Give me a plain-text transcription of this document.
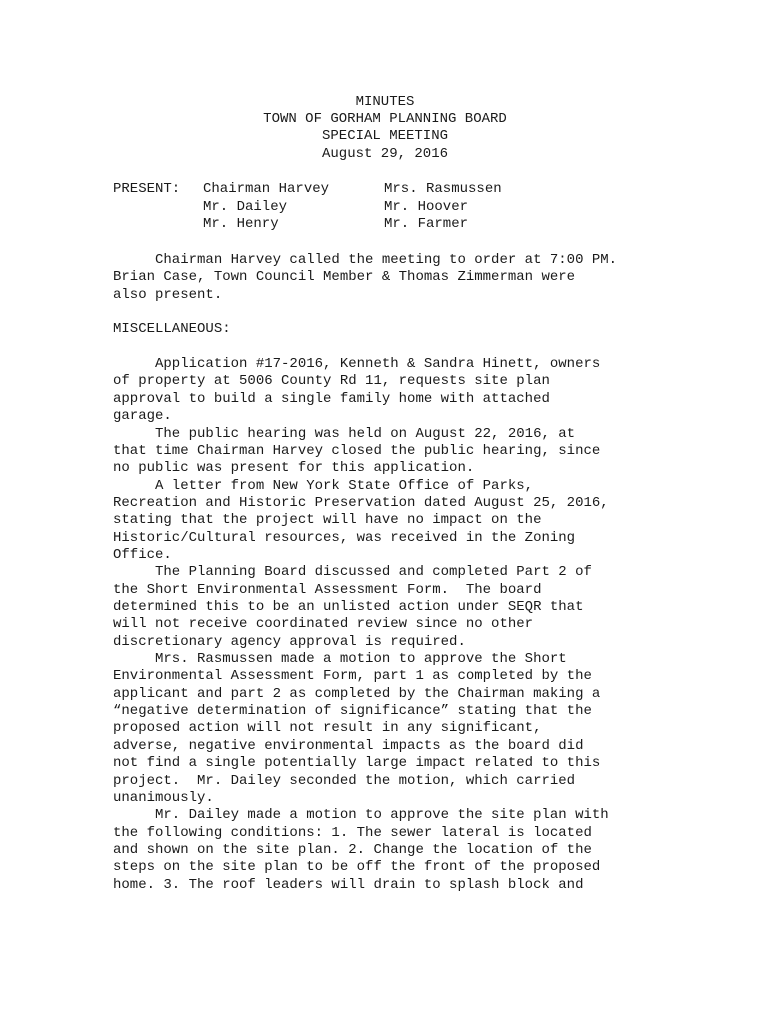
MINUTES
TOWN OF GORHAM PLANNING BOARD
SPECIAL MEETING
August 29, 2016
PRESENT: Chairman Harvey	Mrs. Rasmussen
Mr. Dailey	Mr. Hoover
Mr. Henry	Mr. Farmer
Chairman Harvey called the meeting to order at 7:00 PM.
Brian Case, Town Council Member & Thomas Zimmerman were
also present.
MISCELLANEOUS:
Application #17-2016, Kenneth & Sandra Hinett, owners
of property at 5006 County Rd 11, requests site plan
approval to build a single family home with attached
garage.
The public hearing was held on August 22, 2016, at
that time Chairman Harvey closed the public hearing, since
no public was present for this application.
A letter from New York State Office of Parks,
Recreation and Historic Preservation dated August 25, 2016,
stating that the project will have no impact on the
Historic/Cultural resources, was received in the Zoning
Office.
The Planning Board discussed and completed Part 2 of
the Short Environmental Assessment Form.  The board
determined this to be an unlisted action under SEQR that
will not receive coordinated review since no other
discretionary agency approval is required.
Mrs. Rasmussen made a motion to approve the Short
Environmental Assessment Form, part 1 as completed by the
applicant and part 2 as completed by the Chairman making a
“negative determination of significance” stating that the
proposed action will not result in any significant,
adverse, negative environmental impacts as the board did
not find a single potentially large impact related to this
project.  Mr. Dailey seconded the motion, which carried
unanimously.
Mr. Dailey made a motion to approve the site plan with
the following conditions: 1. The sewer lateral is located
and shown on the site plan. 2. Change the location of the
steps on the site plan to be off the front of the proposed
home. 3. The roof leaders will drain to splash block and
